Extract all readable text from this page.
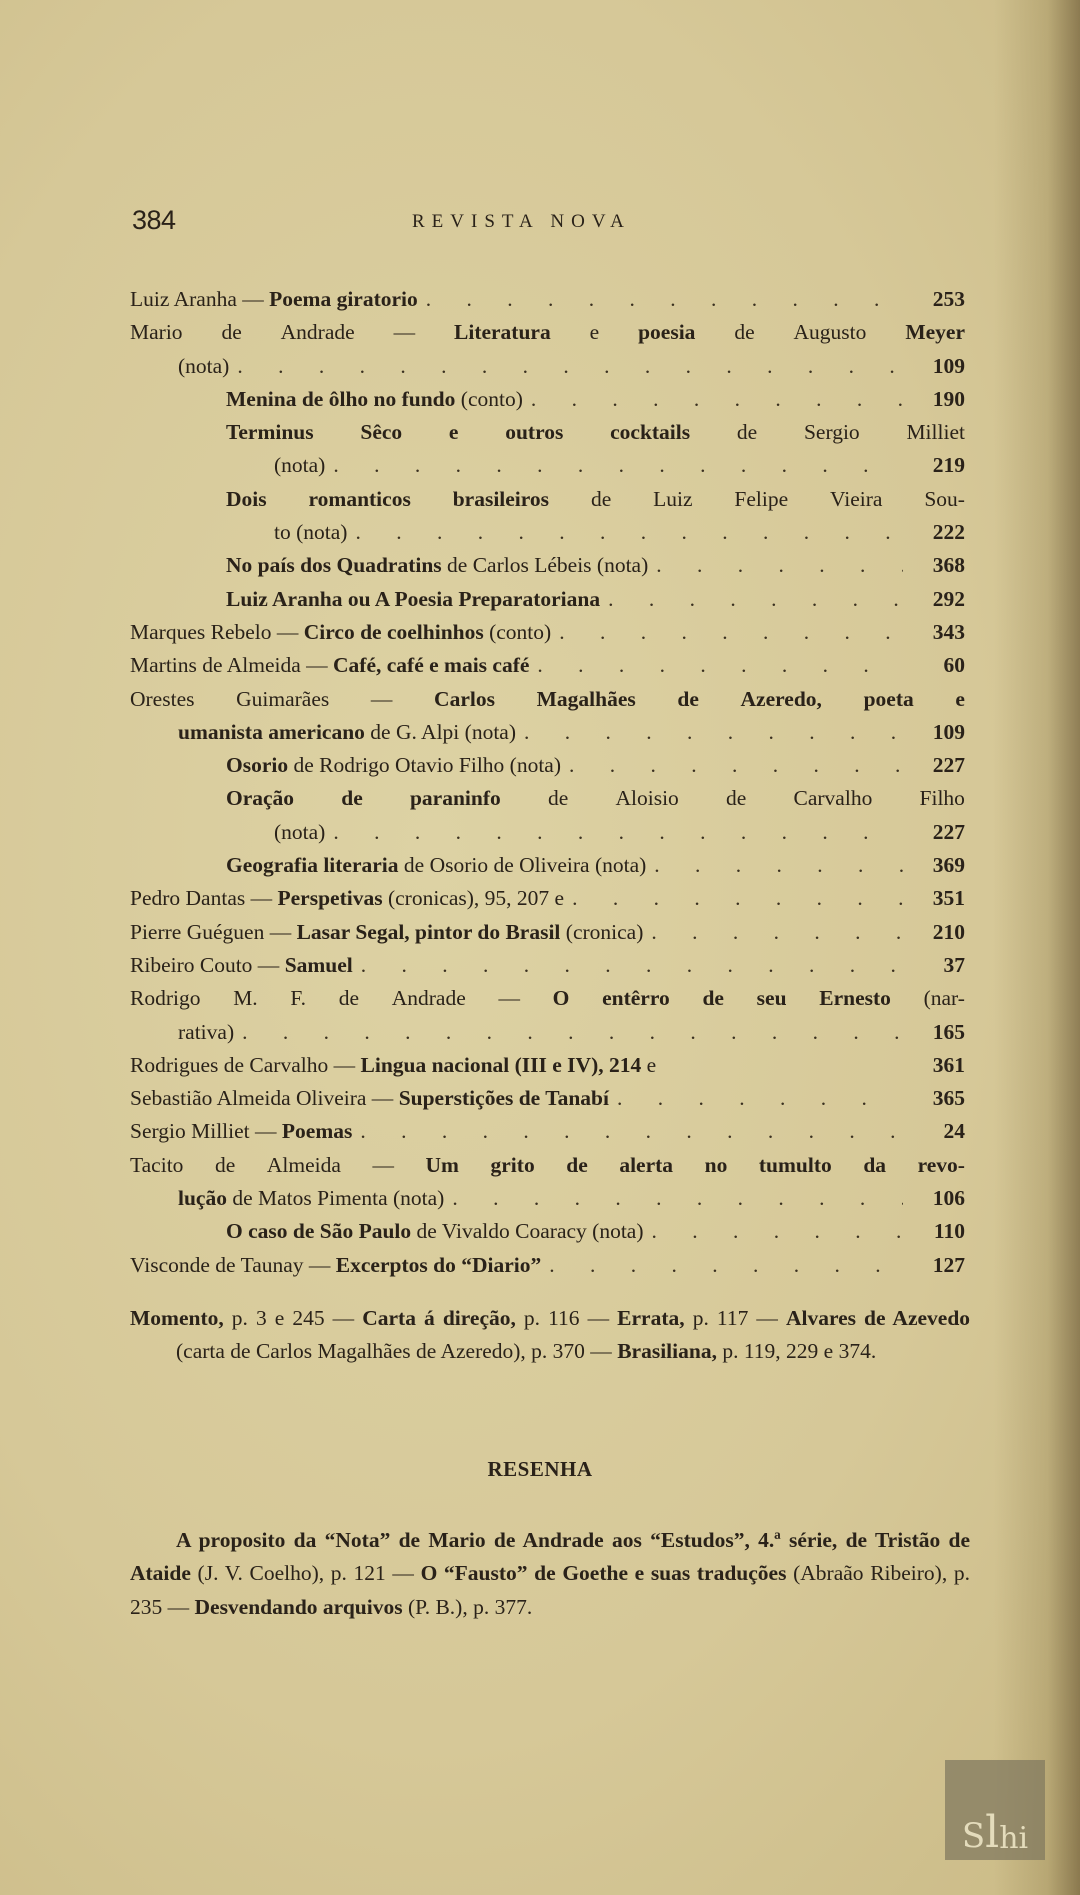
384	REVISTA NOVA
Luiz Aranha — Poema giratorio . . .	253
Mario de Andrade — Literatura e poesia de Augusto Meyer
(nota) . . .	109
Menina de ôlho no fundo (conto) . . .	190
Terminus Sêco e outros cocktails de Sergio Milliet
(nota) . . .	219
Dois romanticos brasileiros de Luiz Felipe Vieira Sou-
to (nota) . . .	222
No país dos Quadratins de Carlos Lébeis (nota) . . .	368
Luiz Aranha ou A Poesia Preparatoriana . . .	292
Marques Rebelo — Circo de coelhinhos (conto) . . .	343
Martins de Almeida — Café, café e mais café . . .	60
Orestes Guimarães — Carlos Magalhães de Azeredo, poeta e
umanista americano de G. Alpi (nota) . . .	109
Osorio de Rodrigo Otavio Filho (nota) . . .	227
Oração de paraninfo de Aloisio de Carvalho Filho
(nota) . . .	227
Geografia literaria de Osorio de Oliveira (nota) . . .	369
Pedro Dantas — Perspetivas (cronicas), 95, 207 e . . .	351
Pierre Guéguen — Lasar Segal, pintor do Brasil (cronica) . . .	210
Ribeiro Couto — Samuel . . .	37
Rodrigo M. F. de Andrade — O entêrro de seu Ernesto (nar-
rativa) . . .	165
Rodrigues de Carvalho — Lingua nacional (III e IV), 214 e	361
Sebastião Almeida Oliveira — Superstições de Tanabí . . .	365
Sergio Milliet — Poemas . . .	24
Tacito de Almeida — Um grito de alerta no tumulto da revo-
lução de Matos Pimenta (nota) . . .	106
O caso de São Paulo de Vivaldo Coaracy (nota) . . .	110
Visconde de Taunay — Excerptos do “Diario” . . .	127

Momento, p. 3 e 245 — Carta á direção, p. 116 — Errata, p. 117 — Alvares de Azevedo (carta de Carlos Magalhães de Azeredo), p. 370 — Brasiliana, p. 119, 229 e 374.

RESENHA

A proposito da “Nota” de Mario de Andrade aos “Estudos”, 4.ª série, de Tristão de Ataide (J. V. Coelho), p. 121 — O “Fausto” de Goethe e suas traduções (Abraão Ribeiro), p. 235 — Desvendando arquivos (P. B.), p. 377.

S l hi
